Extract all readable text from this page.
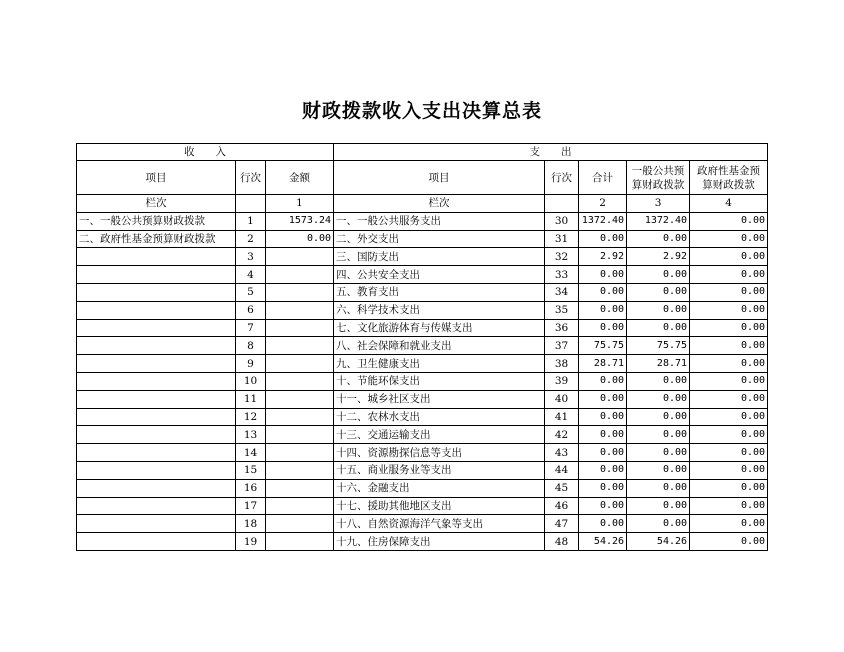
财政拨款收入支出决算总表
收　　入			支　　出				
项目	行次	金额	项目	行次	合计	一般公共预算财政拨款	政府性基金预算财政拨款
栏次		1	栏次		2	3	4
一、一般公共预算财政拨款	1	1573.24	一、一般公共服务支出	30	1372.40	1372.40	0.00
二、政府性基金预算财政拨款	2	0.00	二、外交支出	31	0.00	0.00	0.00
	3		三、国防支出	32	2.92	2.92	0.00
	4		四、公共安全支出	33	0.00	0.00	0.00
	5		五、教育支出	34	0.00	0.00	0.00
	6		六、科学技术支出	35	0.00	0.00	0.00
	7		七、文化旅游体育与传媒支出	36	0.00	0.00	0.00
	8		八、社会保障和就业支出	37	75.75	75.75	0.00
	9		九、卫生健康支出	38	28.71	28.71	0.00
	10		十、节能环保支出	39	0.00	0.00	0.00
	11		十一、城乡社区支出	40	0.00	0.00	0.00
	12		十二、农林水支出	41	0.00	0.00	0.00
	13		十三、交通运输支出	42	0.00	0.00	0.00
	14		十四、资源勘探信息等支出	43	0.00	0.00	0.00
	15		十五、商业服务业等支出	44	0.00	0.00	0.00
	16		十六、金融支出	45	0.00	0.00	0.00
	17		十七、援助其他地区支出	46	0.00	0.00	0.00
	18		十八、自然资源海洋气象等支出	47	0.00	0.00	0.00
	19		十九、住房保障支出	48	54.26	54.26	0.00
